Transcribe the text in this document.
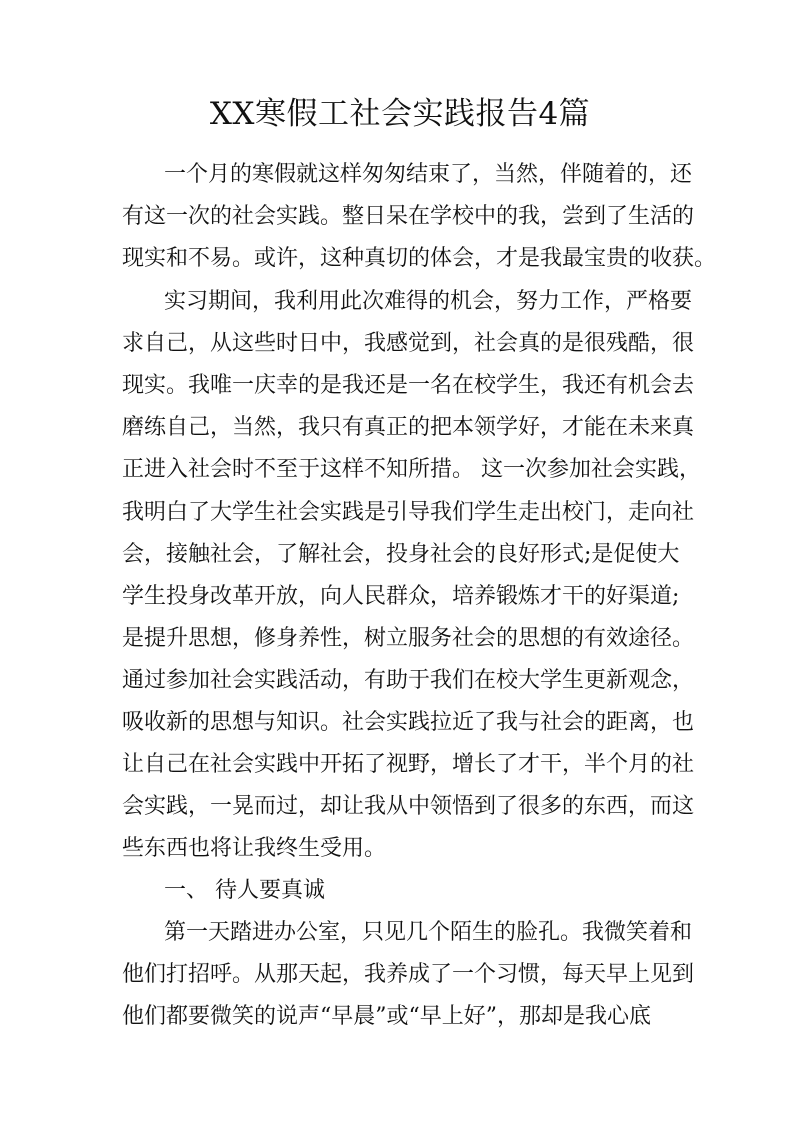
XX寒假工社会实践报告4篇

一个月的寒假就这样匆匆结束了，当然，伴随着的，还

有这一次的社会实践。整日呆在学校中的我，尝到了生活的

现实和不易。或许，这种真切的体会，才是我最宝贵的收获。

实习期间，我利用此次难得的机会，努力工作，严格要

求自己，从这些时日中，我感觉到，社会真的是很残酷，很

现实。我唯一庆幸的是我还是一名在校学生，我还有机会去

磨练自己，当然，我只有真正的把本领学好，才能在未来真

正进入社会时不至于这样不知所措。 这一次参加社会实践，

我明白了大学生社会实践是引导我们学生走出校门，走向社

会，接触社会，了解社会，投身社会的良好形式;是促使大

学生投身改革开放，向人民群众，培养锻炼才干的好渠道;

是提升思想，修身养性，树立服务社会的思想的有效途径。

通过参加社会实践活动，有助于我们在校大学生更新观念，

吸收新的思想与知识。社会实践拉近了我与社会的距离，也

让自己在社会实践中开拓了视野，增长了才干，半个月的社

会实践，一晃而过，却让我从中领悟到了很多的东西，而这

些东西也将让我终生受用。

一、 待人要真诚

第一天踏进办公室，只见几个陌生的脸孔。我微笑着和

他们打招呼。从那天起，我养成了一个习惯，每天早上见到

他们都要微笑的说声“早晨”或“早上好”，那却是我心底
